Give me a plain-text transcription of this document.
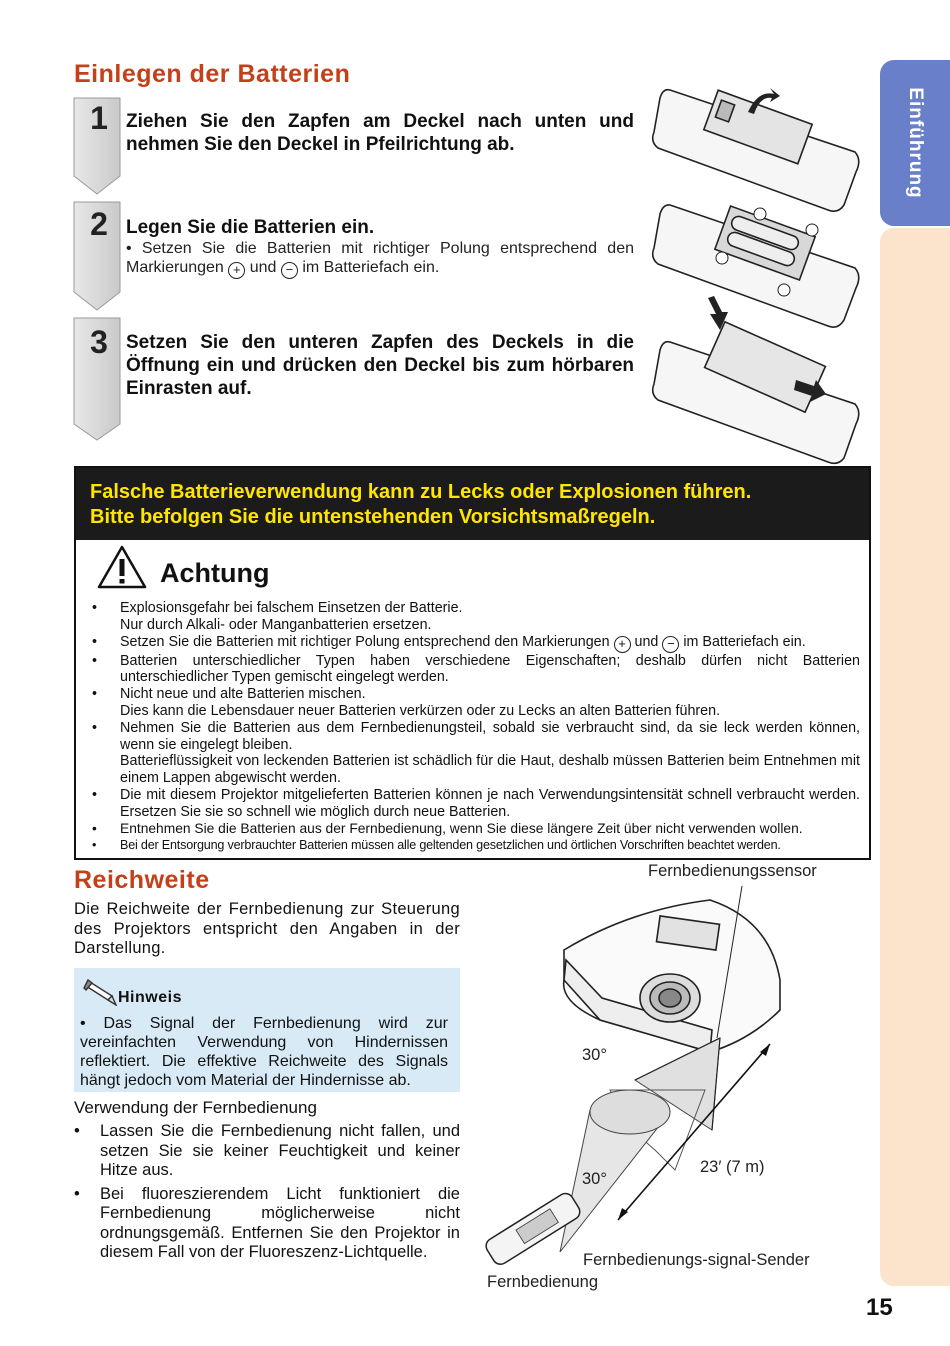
Einführung
Einlegen der Batterien
1 Ziehen Sie den Zapfen am Deckel nach unten und nehmen Sie den Deckel in Pfeilrichtung ab.
2 Legen Sie die Batterien ein.
• Setzen Sie die Batterien mit richtiger Polung entsprechend den Markierungen + und − im Batteriefach ein.
3 Setzen Sie den unteren Zapfen des Deckels in die Öffnung ein und drücken den Deckel bis zum hörbaren Einrasten auf.
Falsche Batterieverwendung kann zu Lecks oder Explosionen führen.
Bitte befolgen Sie die untenstehenden Vorsichtsmaßregeln.
Achtung
• Explosionsgefahr bei falschem Einsetzen der Batterie.
Nur durch Alkali- oder Manganbatterien ersetzen.
• Setzen Sie die Batterien mit richtiger Polung entsprechend den Markierungen + und − im Batteriefach ein.
• Batterien unterschiedlicher Typen haben verschiedene Eigenschaften; deshalb dürfen nicht Batterien unterschiedlicher Typen gemischt eingelegt werden.
• Nicht neue und alte Batterien mischen.
Dies kann die Lebensdauer neuer Batterien verkürzen oder zu Lecks an alten Batterien führen.
• Nehmen Sie die Batterien aus dem Fernbedienungsteil, sobald sie verbraucht sind, da sie leck werden können, wenn sie eingelegt bleiben.
Batterieflüssigkeit von leckenden Batterien ist schädlich für die Haut, deshalb müssen Batterien beim Entnehmen mit einem Lappen abgewischt werden.
• Die mit diesem Projektor mitgelieferten Batterien können je nach Verwendungsintensität schnell verbraucht werden. Ersetzen Sie sie so schnell wie möglich durch neue Batterien.
• Entnehmen Sie die Batterien aus der Fernbedienung, wenn Sie diese längere Zeit über nicht verwenden wollen.
• Bei der Entsorgung verbrauchter Batterien müssen alle geltenden gesetzlichen und örtlichen Vorschriften beachtet werden.
Reichweite
Die Reichweite der Fernbedienung zur Steuerung des Projektors entspricht den Angaben in der Darstellung.
Hinweis
• Das Signal der Fernbedienung wird zur vereinfachten Verwendung von Hindernissen reflektiert. Die effektive Reichweite des Signals hängt jedoch vom Material der Hindernisse ab.
Verwendung der Fernbedienung
• Lassen Sie die Fernbedienung nicht fallen, und setzen Sie sie keiner Feuchtigkeit und keiner Hitze aus.
• Bei fluoreszierendem Licht funktioniert die Fernbedienung möglicherweise nicht ordnungsgemäß. Entfernen Sie den Projektor in diesem Fall von der Fluoreszenz-Lichtquelle.
Fernbedienungssensor
30°
30°
23′ (7 m)
Fernbedienungs-signal-Sender
Fernbedienung
15
